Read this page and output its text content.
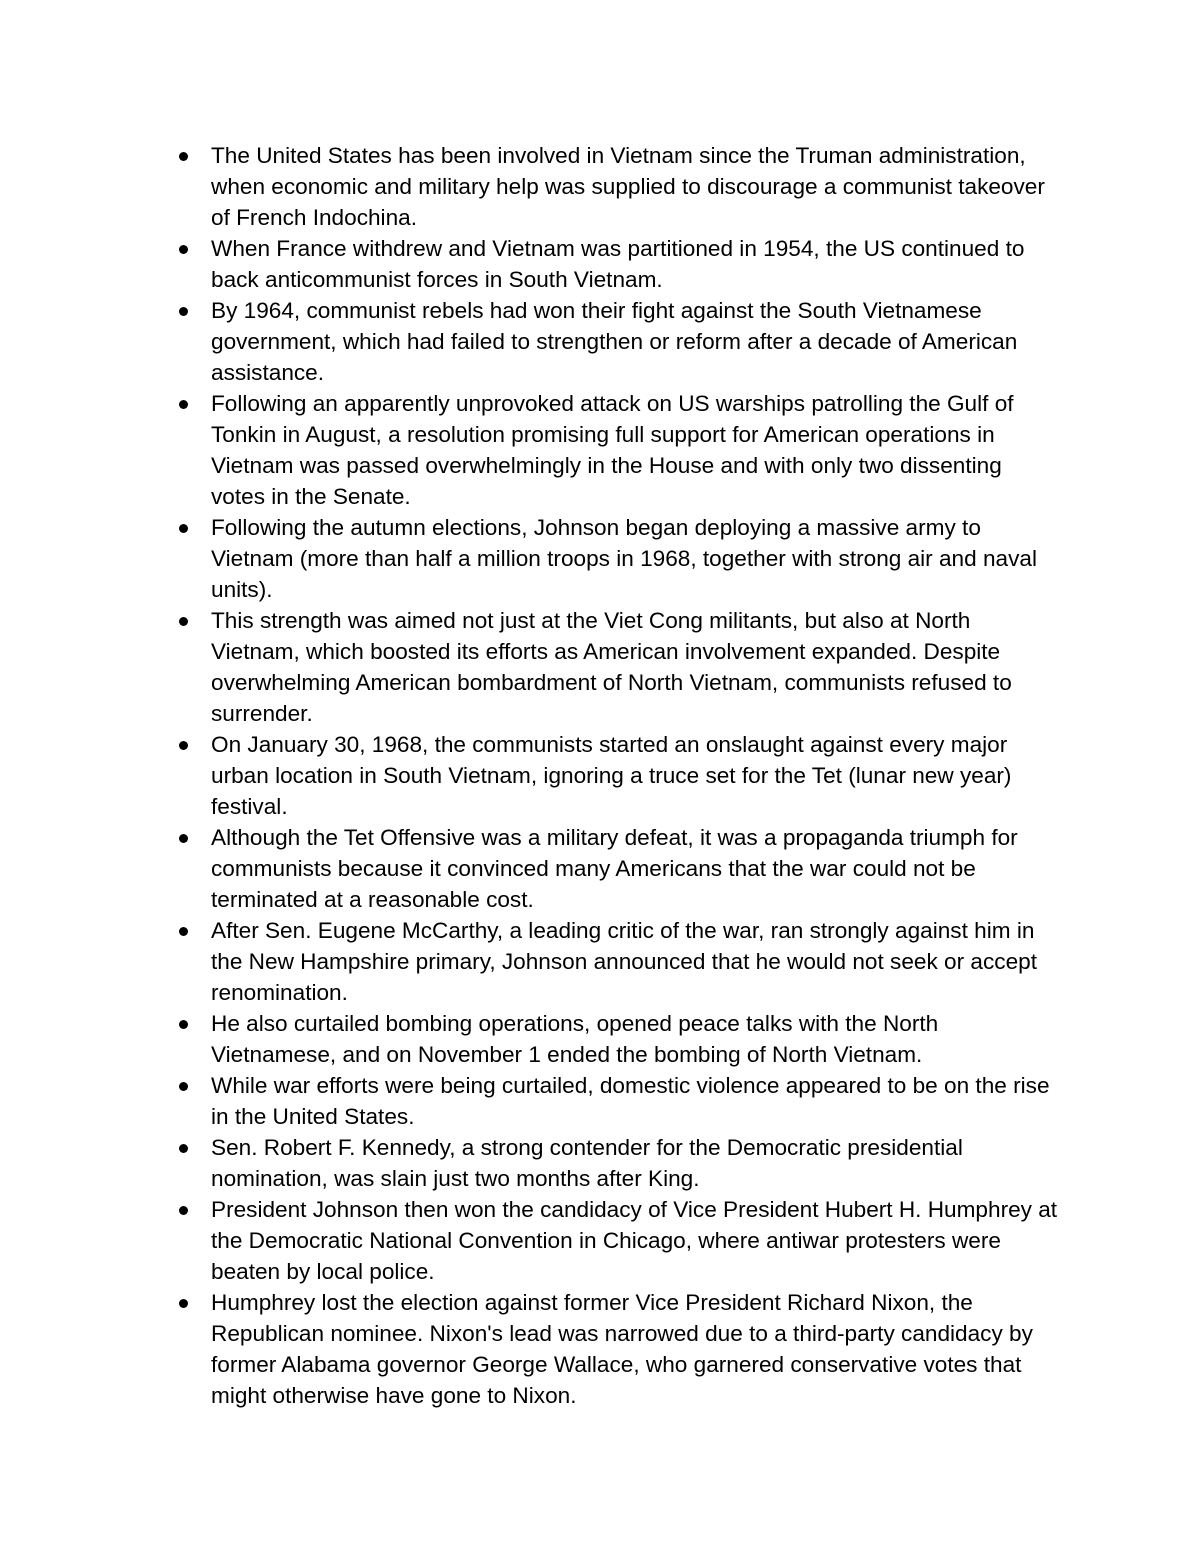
The United States has been involved in Vietnam since the Truman administration, when economic and military help was supplied to discourage a communist takeover of French Indochina.
When France withdrew and Vietnam was partitioned in 1954, the US continued to back anticommunist forces in South Vietnam.
By 1964, communist rebels had won their fight against the South Vietnamese government, which had failed to strengthen or reform after a decade of American assistance.
Following an apparently unprovoked attack on US warships patrolling the Gulf of Tonkin in August, a resolution promising full support for American operations in Vietnam was passed overwhelmingly in the House and with only two dissenting votes in the Senate.
Following the autumn elections, Johnson began deploying a massive army to Vietnam (more than half a million troops in 1968, together with strong air and naval units).
This strength was aimed not just at the Viet Cong militants, but also at North Vietnam, which boosted its efforts as American involvement expanded. Despite overwhelming American bombardment of North Vietnam, communists refused to surrender.
On January 30, 1968, the communists started an onslaught against every major urban location in South Vietnam, ignoring a truce set for the Tet (lunar new year) festival.
Although the Tet Offensive was a military defeat, it was a propaganda triumph for communists because it convinced many Americans that the war could not be terminated at a reasonable cost.
After Sen. Eugene McCarthy, a leading critic of the war, ran strongly against him in the New Hampshire primary, Johnson announced that he would not seek or accept renomination.
He also curtailed bombing operations, opened peace talks with the North Vietnamese, and on November 1 ended the bombing of North Vietnam.
While war efforts were being curtailed, domestic violence appeared to be on the rise in the United States.
Sen. Robert F. Kennedy, a strong contender for the Democratic presidential nomination, was slain just two months after King.
President Johnson then won the candidacy of Vice President Hubert H. Humphrey at the Democratic National Convention in Chicago, where antiwar protesters were beaten by local police.
Humphrey lost the election against former Vice President Richard Nixon, the Republican nominee. Nixon's lead was narrowed due to a third-party candidacy by former Alabama governor George Wallace, who garnered conservative votes that might otherwise have gone to Nixon.
